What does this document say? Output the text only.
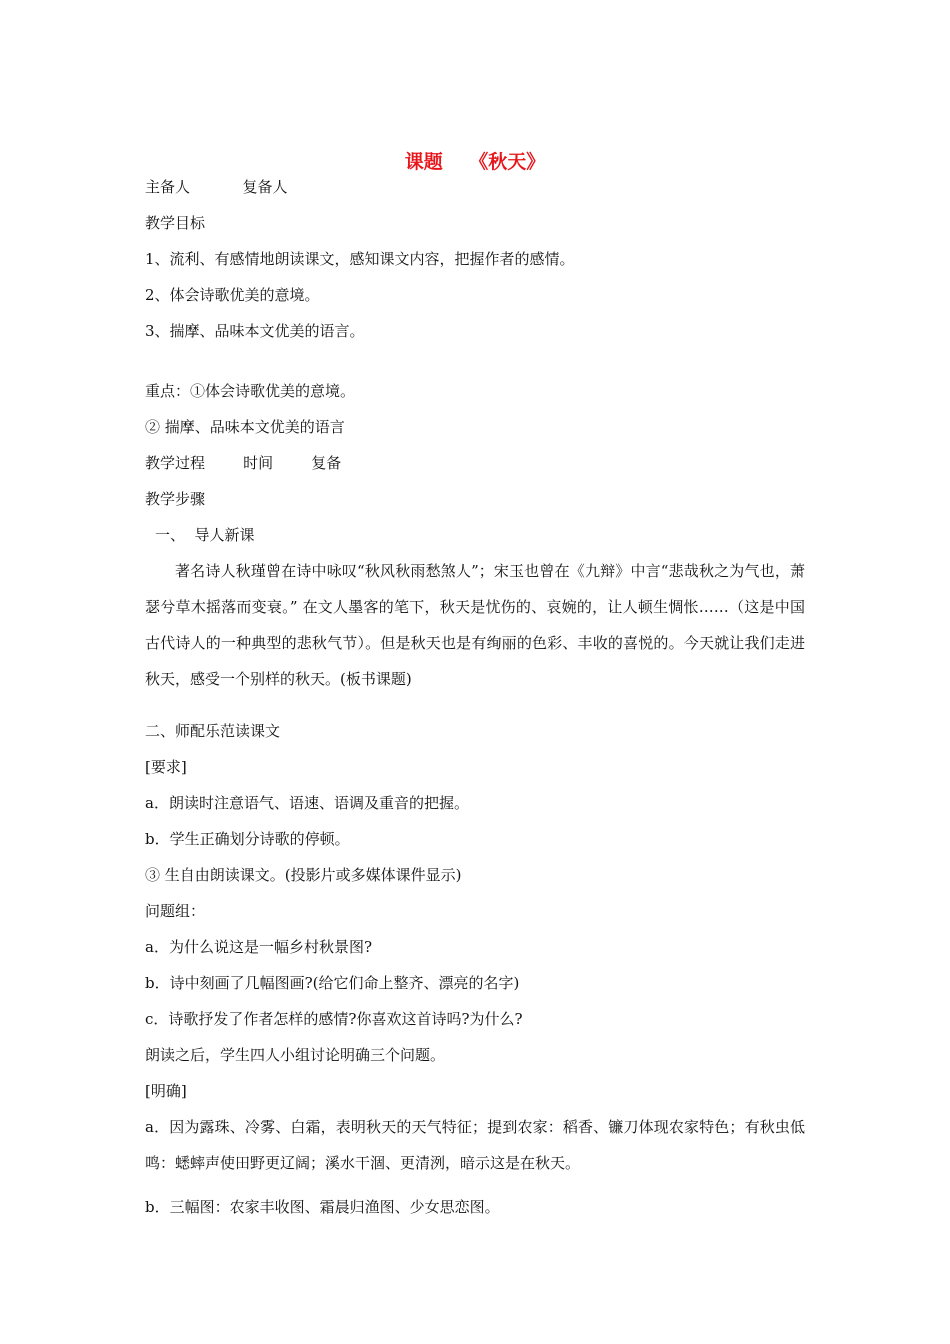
课题    《秋天》
主备人           复备人
教学目标
1、流利、有感情地朗读课文，感知课文内容，把握作者的感情。
2、体会诗歌优美的意境。
3、揣摩、品味本文优美的语言。
重点：①体会诗歌优美的意境。
② 揣摩、品味本文优美的语言
教学过程        时间        复备
教学步骤
一、  导人新课
著名诗人秋瑾曾在诗中咏叹“秋风秋雨愁煞人”；宋玉也曾在《九辩》中言“悲哉秋之为气也，萧瑟兮草木摇落而变衰。” 在文人墨客的笔下，秋天是忧伤的、哀婉的，让人顿生惆怅……（这是中国古代诗人的一种典型的悲秋气节）。但是秋天也是有绚丽的色彩、丰收的喜悦的。今天就让我们走进秋天，感受一个别样的秋天。(板书课题)
二、师配乐范读课文
[要求]
a．朗读时注意语气、语速、语调及重音的把握。
b．学生正确划分诗歌的停顿。
③ 生自由朗读课文。(投影片或多媒体课件显示)
问题组：
a．为什么说这是一幅乡村秋景图?
b．诗中刻画了几幅图画?(给它们命上整齐、漂亮的名字)
c．诗歌抒发了作者怎样的感情?你喜欢这首诗吗?为什么?
朗读之后，学生四人小组讨论明确三个问题。
[明确]
a．因为露珠、冷雾、白霜，表明秋天的天气特征；提到农家：稻香、镰刀体现农家特色；有秋虫低鸣：蟋蟀声使田野更辽阔；溪水干涸、更清洌，暗示这是在秋天。
b．三幅图：农家丰收图、霜晨归渔图、少女思恋图。
